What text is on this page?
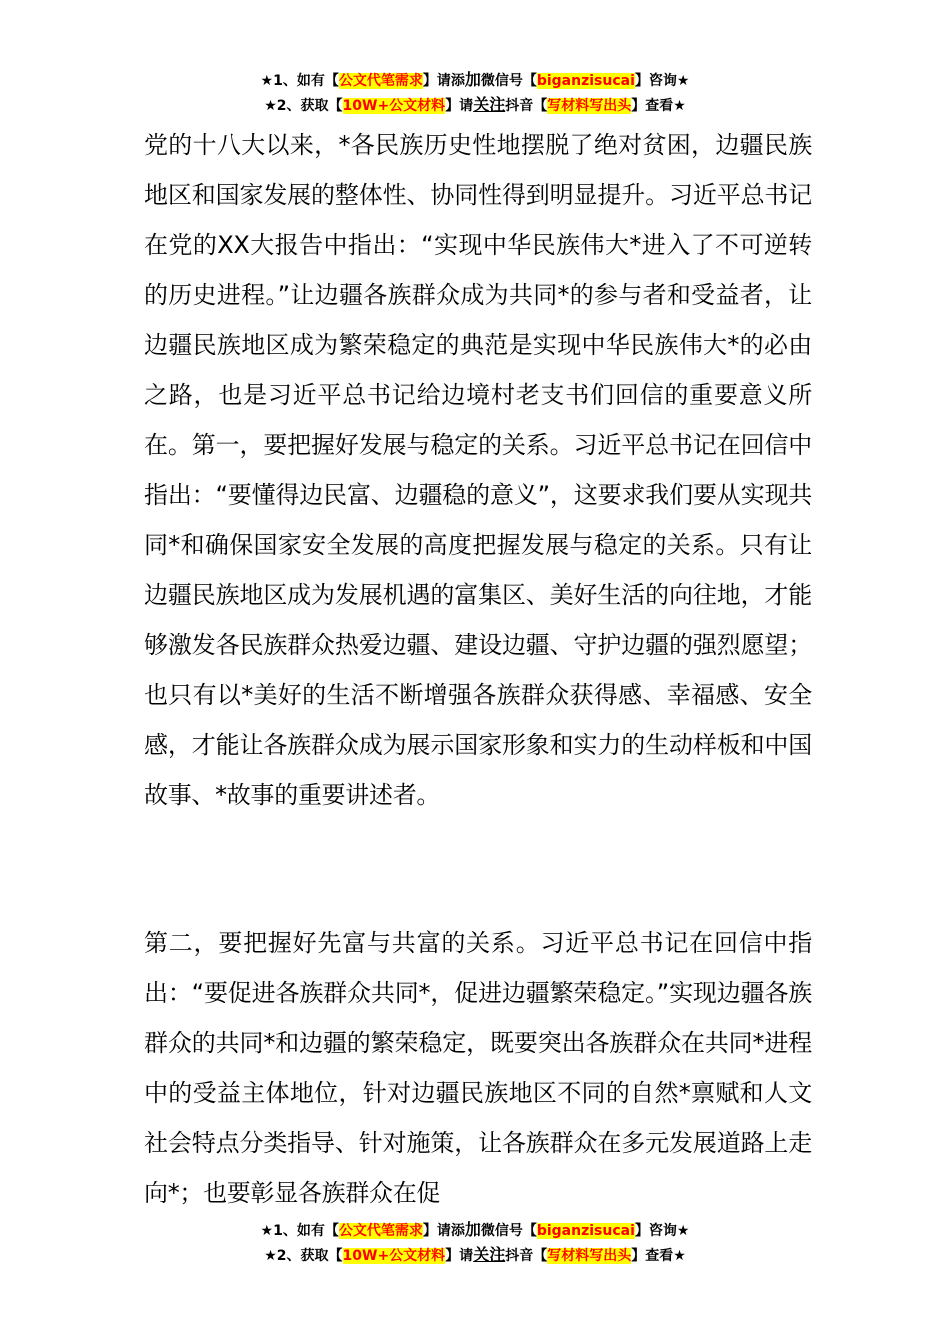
★1、如有【公文代笔需求】请添加微信号【biganzisucai】咨询★
★2、获取【10W+公文材料】请关注抖音【写材料写出头】查看★

党的十八大以来，*各民族历史性地摆脱了绝对贫困，边疆民族地区和国家发展的整体性、协同性得到明显提升。习近平总书记在党的XX大报告中指出：“实现中华民族伟大*进入了不可逆转的历史进程。”让边疆各族群众成为共同*的参与者和受益者，让边疆民族地区成为繁荣稳定的典范是实现中华民族伟大*的必由之路，也是习近平总书记给边境村老支书们回信的重要意义所在。第一，要把握好发展与稳定的关系。习近平总书记在回信中指出：“要懂得边民富、边疆稳的意义”，这要求我们要从实现共同*和确保国家安全发展的高度把握发展与稳定的关系。只有让边疆民族地区成为发展机遇的富集区、美好生活的向往地，才能够激发各民族群众热爱边疆、建设边疆、守护边疆的强烈愿望；也只有以*美好的生活不断增强各族群众获得感、幸福感、安全感，才能让各族群众成为展示国家形象和实力的生动样板和中国故事、*故事的重要讲述者。

第二，要把握好先富与共富的关系。习近平总书记在回信中指出：“要促进各族群众共同*，促进边疆繁荣稳定。”实现边疆各族群众的共同*和边疆的繁荣稳定，既要突出各族群众在共同*进程中的受益主体地位，针对边疆民族地区不同的自然*禀赋和人文社会特点分类指导、针对施策，让各族群众在多元发展道路上走向*；也要彰显各族群众在促

★1、如有【公文代笔需求】请添加微信号【biganzisucai】咨询★
★2、获取【10W+公文材料】请关注抖音【写材料写出头】查看★
